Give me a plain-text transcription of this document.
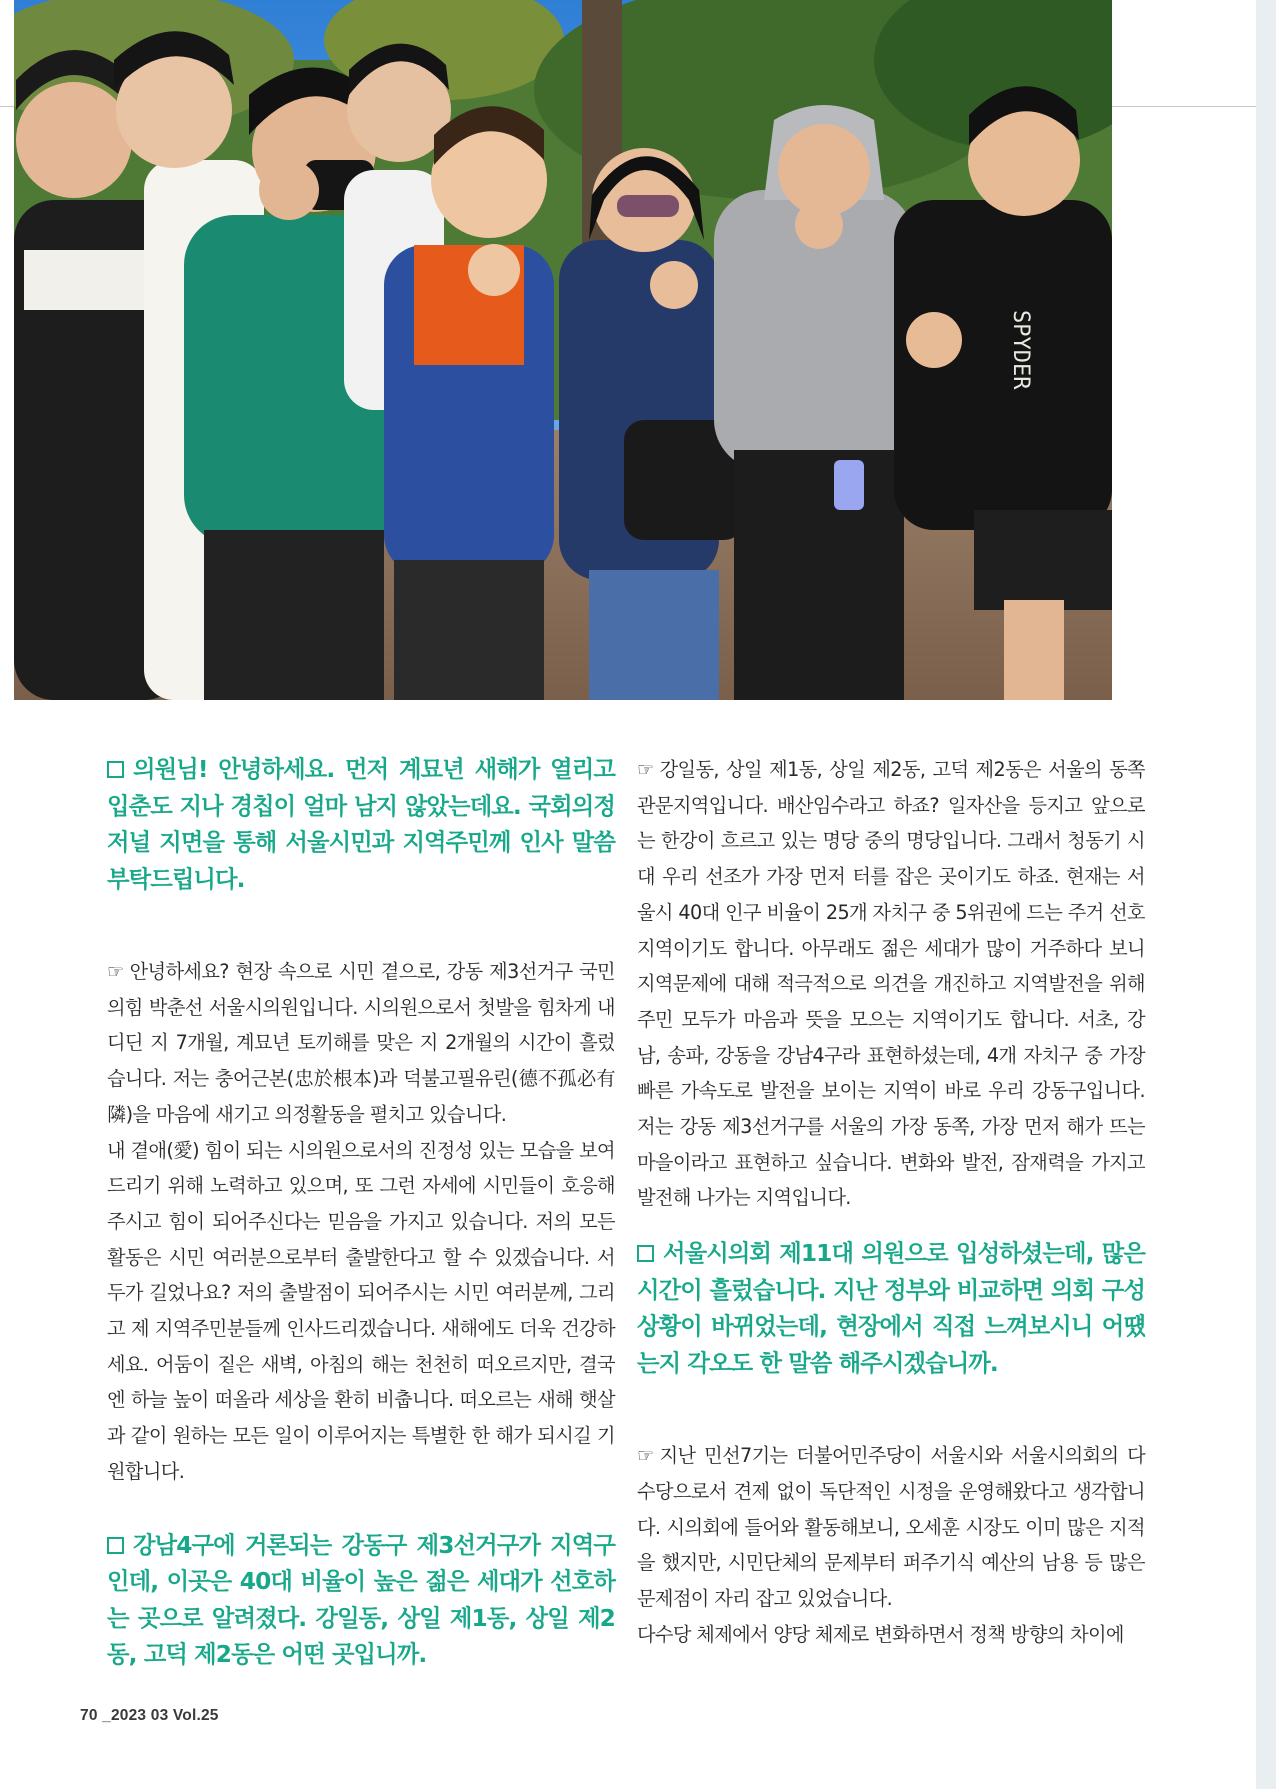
SPYDER

의원님! 안녕하세요. 먼저 계묘년 새해가 열리고 입춘도 지나 경칩이 얼마 남지 않았는데요. 국회의정 저널 지면을 통해 서울시민과 지역주민께 인사 말씀 부탁드립니다.

☞ 안녕하세요? 현장 속으로 시민 곁으로, 강동 제3선거구 국민의힘 박춘선 서울시의원입니다. 시의원으로서 첫발을 힘차게 내디딘 지 7개월, 계묘년 토끼해를 맞은 지 2개월의 시간이 흘렀습니다. 저는 충어근본(忠於根本)과 덕불고필유린(德不孤必有隣)을 마음에 새기고 의정활동을 펼치고 있습니다.

내 곁애(愛) 힘이 되는 시의원으로서의 진정성 있는 모습을 보여드리기 위해 노력하고 있으며, 또 그런 자세에 시민들이 호응해주시고 힘이 되어주신다는 믿음을 가지고 있습니다. 저의 모든 활동은 시민 여러분으로부터 출발한다고 할 수 있겠습니다. 서두가 길었나요? 저의 출발점이 되어주시는 시민 여러분께, 그리고 제 지역주민분들께 인사드리겠습니다. 새해에도 더욱 건강하세요. 어둠이 짙은 새벽, 아침의 해는 천천히 떠오르지만, 결국엔 하늘 높이 떠올라 세상을 환히 비춥니다. 떠오르는 새해 햇살과 같이 원하는 모든 일이 이루어지는 특별한 한 해가 되시길 기원합니다.

강남4구에 거론되는 강동구 제3선거구가 지역구인데, 이곳은 40대 비율이 높은 젊은 세대가 선호하는 곳으로 알려졌다. 강일동, 상일 제1동, 상일 제2동, 고덕 제2동은 어떤 곳입니까.

☞ 강일동, 상일 제1동, 상일 제2동, 고덕 제2동은 서울의 동쪽 관문지역입니다. 배산임수라고 하죠? 일자산을 등지고 앞으로는 한강이 흐르고 있는 명당 중의 명당입니다. 그래서 청동기 시대 우리 선조가 가장 먼저 터를 잡은 곳이기도 하죠. 현재는 서울시 40대 인구 비율이 25개 자치구 중 5위권에 드는 주거 선호지역이기도 합니다. 아무래도 젊은 세대가 많이 거주하다 보니 지역문제에 대해 적극적으로 의견을 개진하고 지역발전을 위해 주민 모두가 마음과 뜻을 모으는 지역이기도 합니다. 서초, 강남, 송파, 강동을 강남4구라 표현하셨는데, 4개 자치구 중 가장 빠른 가속도로 발전을 보이는 지역이 바로 우리 강동구입니다. 저는 강동 제3선거구를 서울의 가장 동쪽, 가장 먼저 해가 뜨는 마을이라고 표현하고 싶습니다. 변화와 발전, 잠재력을 가지고 발전해 나가는 지역입니다.

서울시의회 제11대 의원으로 입성하셨는데, 많은 시간이 흘렀습니다. 지난 정부와 비교하면 의회 구성 상황이 바뀌었는데, 현장에서 직접 느껴보시니 어떘는지 각오도 한 말씀 해주시겠습니까.

☞ 지난 민선7기는 더불어민주당이 서울시와 서울시의회의 다수당으로서 견제 없이 독단적인 시정을 운영해왔다고 생각합니다. 시의회에 들어와 활동해보니, 오세훈 시장도 이미 많은 지적을 했지만, 시민단체의 문제부터 퍼주기식 예산의 남용 등 많은 문제점이 자리 잡고 있었습니다.

다수당 체제에서 양당 체제로 변화하면서 정책 방향의 차이에

70 _2023 03 Vol.25
